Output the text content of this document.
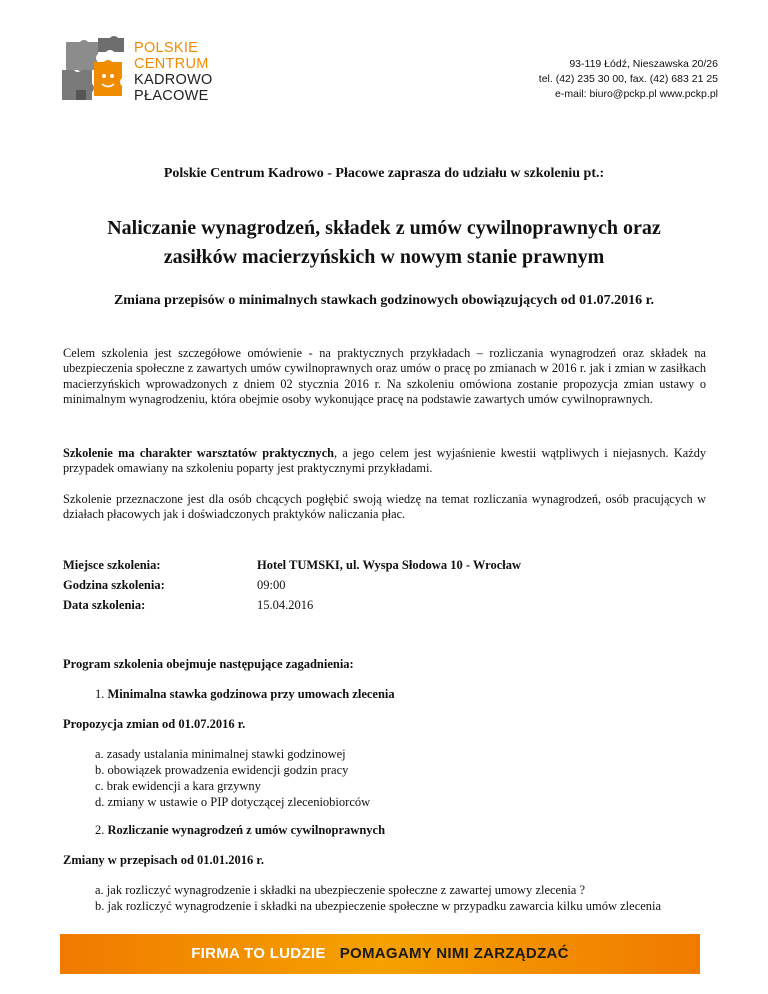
POLSKIE
CENTRUM
KADROWO
PŁACOWE
93-119 Łódź, Nieszawska 20/26
tel. (42) 235 30 00, fax. (42) 683 21 25
e-mail: biuro@pckp.pl www.pckp.pl
Polskie Centrum Kadrowo - Płacowe zaprasza do udziału w szkoleniu pt.:
Naliczanie wynagrodzeń, składek z umów cywilnoprawnych oraz
zasiłków macierzyńskich w nowym stanie prawnym
Zmiana przepisów o minimalnych stawkach godzinowych obowiązujących od 01.07.2016 r.
Celem szkolenia jest szczegółowe omówienie - na praktycznych przykładach – rozliczania wynagrodzeń oraz składek na ubezpieczenia społeczne z zawartych umów cywilnoprawnych oraz umów o pracę po zmianach w 2016 r. jak i zmian w zasiłkach macierzyńskich wprowadzonych z dniem 02 stycznia 2016 r. Na szkoleniu omówiona zostanie propozycja zmian ustawy o minimalnym wynagrodzeniu, która obejmie osoby wykonujące pracę na podstawie zawartych umów cywilnoprawnych.
Szkolenie ma charakter warsztatów praktycznych, a jego celem jest wyjaśnienie kwestii wątpliwych i niejasnych. Każdy przypadek omawiany na szkoleniu poparty jest praktycznymi przykładami.
Szkolenie przeznaczone jest dla osób chcących pogłębić swoją wiedzę na temat rozliczania wynagrodzeń, osób pracujących w działach płacowych jak i doświadczonych praktyków naliczania płac.
Miejsce szkolenia:	Hotel TUMSKI, ul. Wyspa Słodowa 10 - Wrocław
Godzina szkolenia:	09:00
Data szkolenia:	15.04.2016
Program szkolenia obejmuje następujące zagadnienia:
1. Minimalna stawka godzinowa przy umowach zlecenia
Propozycja zmian od 01.07.2016 r.
a. zasady ustalania minimalnej stawki godzinowej
b. obowiązek prowadzenia ewidencji godzin pracy
c. brak ewidencji a kara grzywny
d. zmiany w ustawie o PIP dotyczącej zleceniobiorców
2. Rozliczanie wynagrodzeń z umów cywilnoprawnych
Zmiany w przepisach od 01.01.2016 r.
a. jak rozliczyć wynagrodzenie i składki na ubezpieczenie społeczne z zawartej umowy zlecenia ?
b. jak rozliczyć wynagrodzenie i składki na ubezpieczenie społeczne w przypadku zawarcia kilku umów zlecenia
FIRMA TO LUDZIE POMAGAMY NIMI ZARZĄDZAĆ
